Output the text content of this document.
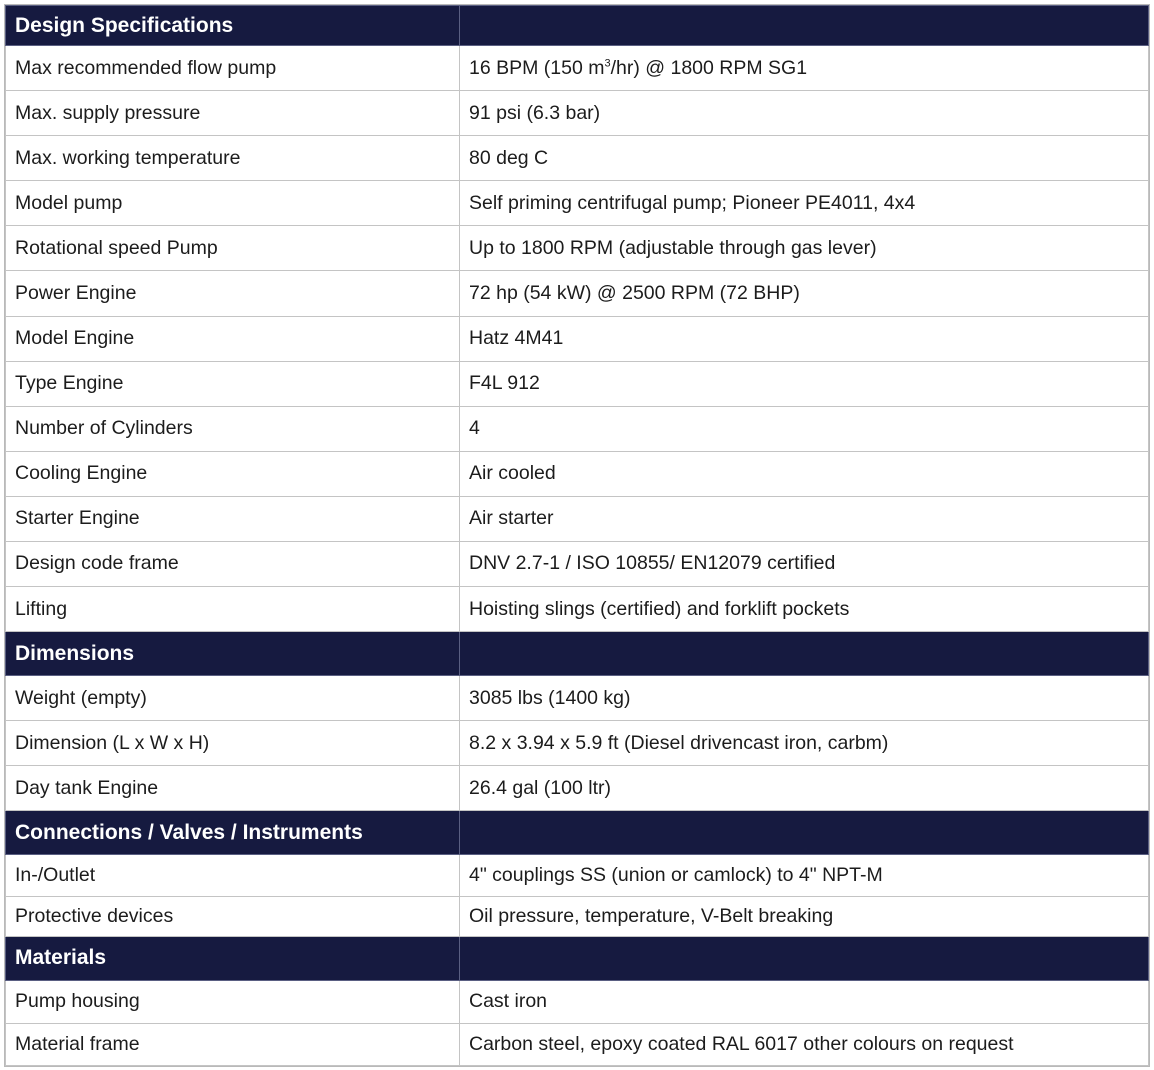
Design Specifications	
Max recommended flow pump	16 BPM (150 $m^3/hr$) @ 1800 RPM SG1
Max. supply pressure	91 psi (6.3 bar)
Max. working temperature	80 deg C
Model pump	Self priming centrifugal pump; Pioneer PE4011, 4x4
Rotational speed Pump	Up to 1800 RPM (adjustable through gas lever)
Power Engine	72 hp (54 kW) @ 2500 RPM (72 BHP)
Model Engine	Hatz 4M41
Type Engine	F4L 912
Number of Cylinders	4
Cooling Engine	Air cooled
Starter Engine	Air starter
Design code frame	DNV 2.7-1 / ISO 10855/ EN12079 certified
Lifting	Hoisting slings (certified) and forklift pockets
Dimensions	
Weight (empty)	3085 lbs (1400 kg)
Dimension (L x W x H)	8.2 x 3.94 x 5.9 ft (Diesel drivencast iron, carbm)
Day tank Engine	26.4 gal (100 ltr)
Connections / Valves / Instruments	
In-/Outlet	4" couplings SS (union or camlock) to 4" NPT-M
Protective devices	Oil pressure, temperature, V-Belt breaking
Materials	
Pump housing	Cast iron
Material frame	Carbon steel, epoxy coated RAL 6017 other colours on request
